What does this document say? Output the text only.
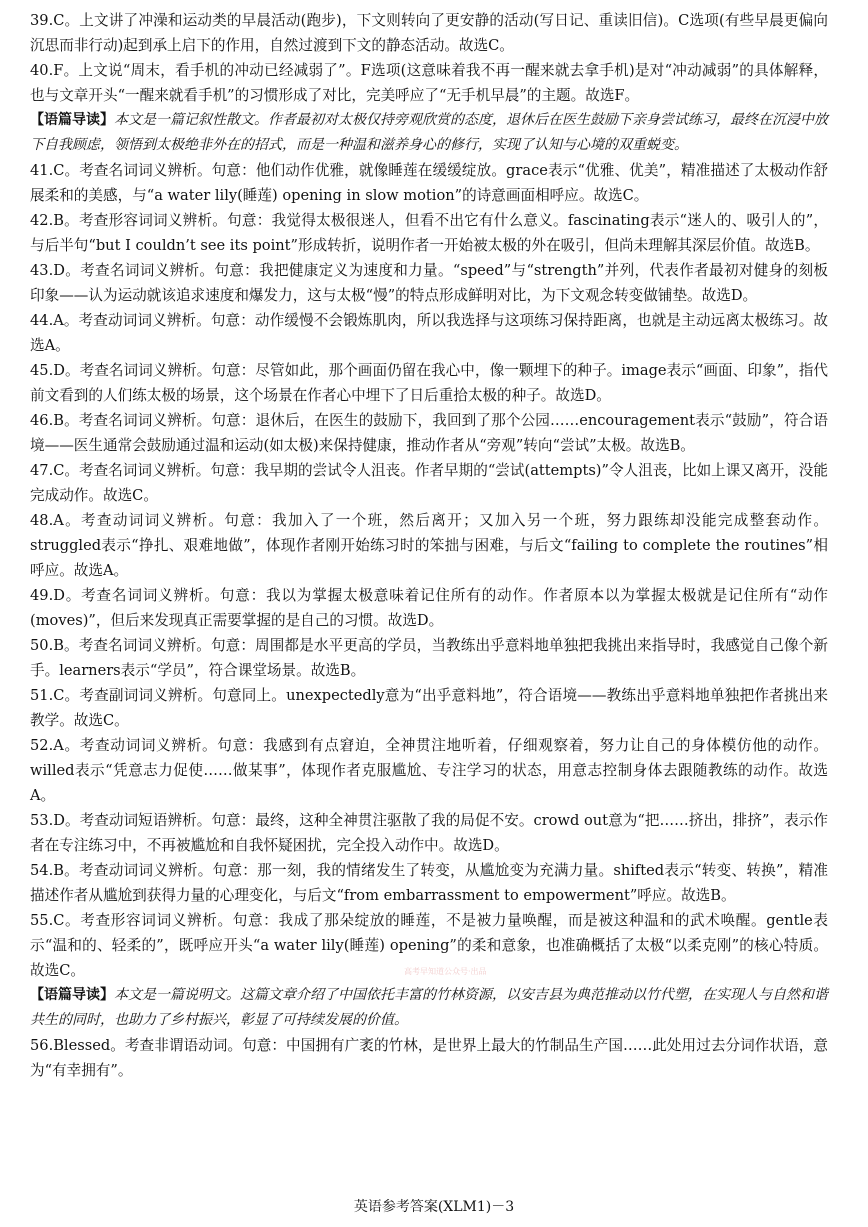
39.C。上文讲了冲澡和运动类的早晨活动(跑步)，下文则转向了更安静的活动(写日记、重读旧信)。C选项(有些早晨更偏向沉思而非行动)起到承上启下的作用，自然过渡到下文的静态活动。故选C。

40.F。上文说“周末，看手机的冲动已经减弱了”。F选项(这意味着我不再一醒来就去拿手机)是对“冲动减弱”的具体解释，也与文章开头“一醒来就看手机”的习惯形成了对比，完美呼应了“无手机早晨”的主题。故选F。

【语篇导读】本文是一篇记叙性散文。作者最初对太极仅持旁观欣赏的态度，退休后在医生鼓励下亲身尝试练习，最终在沉浸中放下自我顾虑，领悟到太极绝非外在的招式，而是一种温和滋养身心的修行，实现了认知与心境的双重蜕变。

41.C。考查名词词义辨析。句意：他们动作优雅，就像睡莲在缓缓绽放。grace表示“优雅、优美”，精准描述了太极动作舒展柔和的美感，与“a water lily(睡莲) opening in slow motion”的诗意画面相呼应。故选C。

42.B。考查形容词词义辨析。句意：我觉得太极很迷人，但看不出它有什么意义。fascinating表示“迷人的、吸引人的”，与后半句“but I couldn’t see its point”形成转折，说明作者一开始被太极的外在吸引，但尚未理解其深层价值。故选B。

43.D。考查名词词义辨析。句意：我把健康定义为速度和力量。“speed”与“strength”并列，代表作者最初对健身的刻板印象——认为运动就该追求速度和爆发力，这与太极“慢”的特点形成鲜明对比，为下文观念转变做铺垫。故选D。

44.A。考查动词词义辨析。句意：动作缓慢不会锻炼肌肉，所以我选择与这项练习保持距离，也就是主动远离太极练习。故选A。

45.D。考查名词词义辨析。句意：尽管如此，那个画面仍留在我心中，像一颗埋下的种子。image表示“画面、印象”，指代前文看到的人们练太极的场景，这个场景在作者心中埋下了日后重拾太极的种子。故选D。

46.B。考查名词词义辨析。句意：退休后，在医生的鼓励下，我回到了那个公园……encouragement表示“鼓励”，符合语境——医生通常会鼓励通过温和运动(如太极)来保持健康，推动作者从“旁观”转向“尝试”太极。故选B。

47.C。考查名词词义辨析。句意：我早期的尝试令人沮丧。作者早期的“尝试(attempts)”令人沮丧，比如上课又离开，没能完成动作。故选C。

48.A。考查动词词义辨析。句意：我加入了一个班，然后离开；又加入另一个班，努力跟练却没能完成整套动作。struggled表示“挣扎、艰难地做”，体现作者刚开始练习时的笨拙与困难，与后文“failing to complete the routines”相呼应。故选A。

49.D。考查名词词义辨析。句意：我以为掌握太极意味着记住所有的动作。作者原本以为掌握太极就是记住所有“动作(moves)”，但后来发现真正需要掌握的是自己的习惯。故选D。

50.B。考查名词词义辨析。句意：周围都是水平更高的学员，当教练出乎意料地单独把我挑出来指导时，我感觉自己像个新手。learners表示“学员”，符合课堂场景。故选B。

51.C。考查副词词义辨析。句意同上。unexpectedly意为“出乎意料地”，符合语境——教练出乎意料地单独把作者挑出来教学。故选C。

52.A。考查动词词义辨析。句意：我感到有点窘迫，全神贯注地听着，仔细观察着，努力让自己的身体模仿他的动作。willed表示“凭意志力促使……做某事”，体现作者克服尴尬、专注学习的状态，用意志控制身体去跟随教练的动作。故选A。

53.D。考查动词短语辨析。句意：最终，这种全神贯注驱散了我的局促不安。crowd out意为“把……挤出，排挤”，表示作者在专注练习中，不再被尴尬和自我怀疑困扰，完全投入动作中。故选D。

54.B。考查动词词义辨析。句意：那一刻，我的情绪发生了转变，从尴尬变为充满力量。shifted表示“转变、转换”，精准描述作者从尴尬到获得力量的心理变化，与后文“from embarrassment to empowerment”呼应。故选B。

55.C。考查形容词词义辨析。句意：我成了那朵绽放的睡莲，不是被力量唤醒，而是被这种温和的武术唤醒。gentle表示“温和的、轻柔的”，既呼应开头“a water lily(睡莲) opening”的柔和意象，也准确概括了太极“以柔克刚”的核心特质。故选C。

【语篇导读】本文是一篇说明文。这篇文章介绍了中国依托丰富的竹林资源，以安吉县为典范推动以竹代塑，在实现人与自然和谐共生的同时，也助力了乡村振兴，彰显了可持续发展的价值。

56.Blessed。考查非谓语动词。句意：中国拥有广袤的竹林，是世界上最大的竹制品生产国……此处用过去分词作状语，意为“有幸拥有”。

高考早知道公众号·出品
英语参考答案(XLM1)－3
